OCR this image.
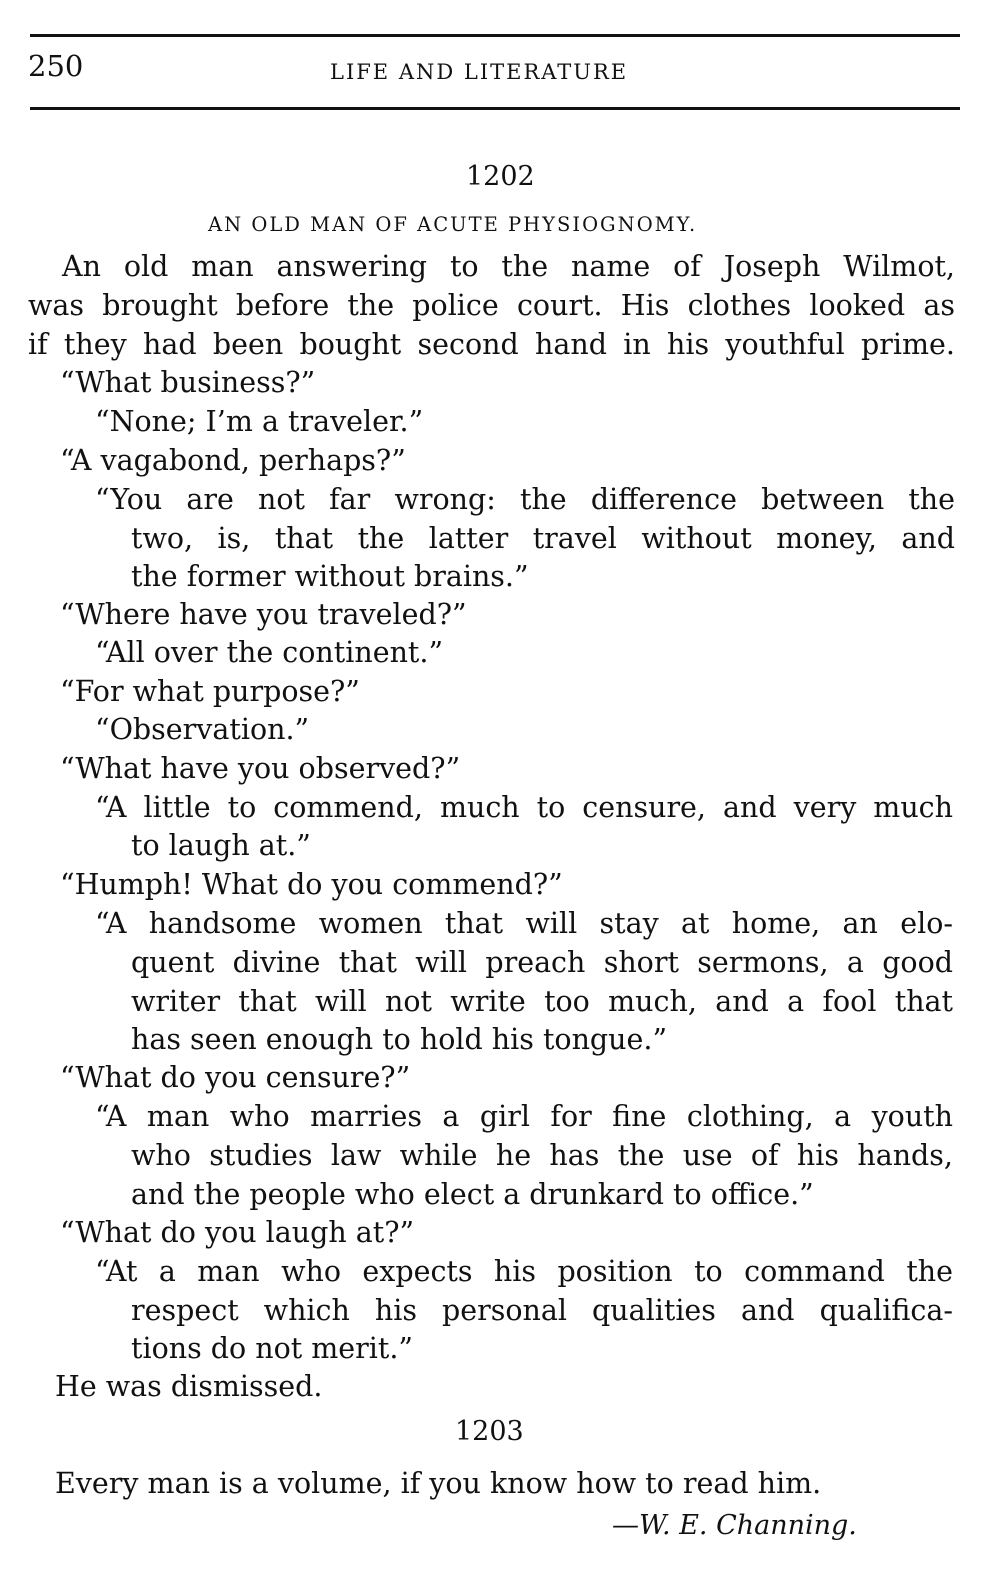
250	LIFE AND LITERATURE
1202
AN OLD MAN OF ACUTE PHYSIOGNOMY.
An old man answering to the name of Joseph Wilmot,
was brought before the police court. His clothes looked as
if they had been bought second hand in his youthful prime.
“What business?”
“None; I’m a traveler.”
“A vagabond, perhaps?”
“You are not far wrong: the difference between the
two, is, that the latter travel without money, and
the former without brains.”
“Where have you traveled?”
“All over the continent.”
“For what purpose?”
“Observation.”
“What have you observed?”
“A little to commend, much to censure, and very much
to laugh at.”
“Humph! What do you commend?”
“A handsome women that will stay at home, an elo-
quent divine that will preach short sermons, a good
writer that will not write too much, and a fool that
has seen enough to hold his tongue.”
“What do you censure?”
“A man who marries a girl for fine clothing, a youth
who studies law while he has the use of his hands,
and the people who elect a drunkard to office.”
“What do you laugh at?”
“At a man who expects his position to command the
respect which his personal qualities and qualifica-
tions do not merit.”
He was dismissed.
1203
Every man is a volume, if you know how to read him.
—W. E. Channing.
